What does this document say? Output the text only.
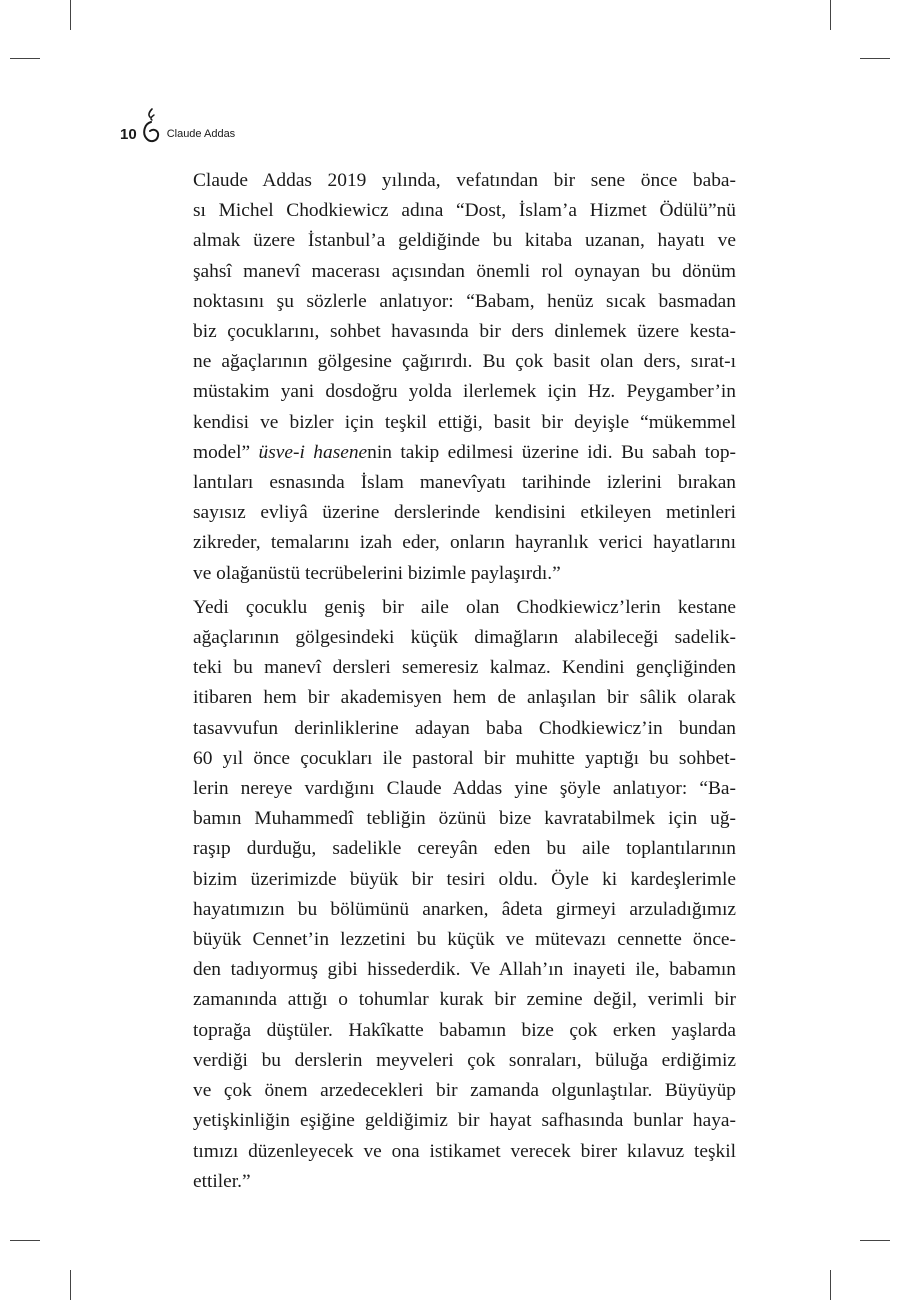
10	Claude Addas

Claude Addas 2019 yılında, vefatından bir sene önce baba-
sı Michel Chodkiewicz adına “Dost, İslam’a Hizmet Ödülü”nü
almak üzere İstanbul’a geldiğinde bu kitaba uzanan, hayatı ve
şahsî manevî macerası açısından önemli rol oynayan bu dönüm
noktasını şu sözlerle anlatıyor: “Babam, henüz sıcak basmadan
biz çocuklarını, sohbet havasında bir ders dinlemek üzere kesta-
ne ağaçlarının gölgesine çağırırdı. Bu çok basit olan ders, sırat-ı
müstakim yani dosdoğru yolda ilerlemek için Hz. Peygamber’in
kendisi ve bizler için teşkil ettiği, basit bir deyişle “mükemmel
model” üsve-i hasenenin takip edilmesi üzerine idi. Bu sabah top-
lantıları esnasında İslam manevîyatı tarihinde izlerini bırakan
sayısız evliyâ üzerine derslerinde kendisini etkileyen metinleri
zikreder, temalarını izah eder, onların hayranlık verici hayatlarını
ve olağanüstü tecrübelerini bizimle paylaşırdı.”

Yedi çocuklu geniş bir aile olan Chodkiewicz’lerin kestane
ağaçlarının gölgesindeki küçük dimağların alabileceği sadelik-
teki bu manevî dersleri semeresiz kalmaz. Kendini gençliğinden
itibaren hem bir akademisyen hem de anlaşılan bir sâlik olarak
tasavvufun derinliklerine adayan baba Chodkiewicz’in bundan
60 yıl önce çocukları ile pastoral bir muhitte yaptığı bu sohbet-
lerin nereye vardığını Claude Addas yine şöyle anlatıyor: “Ba-
bamın Muhammedî tebliğin özünü bize kavratabilmek için uğ-
raşıp durduğu, sadelikle cereyân eden bu aile toplantılarının
bizim üzerimizde büyük bir tesiri oldu. Öyle ki kardeşlerimle
hayatımızın bu bölümünü anarken, âdeta girmeyi arzuladığımız
büyük Cennet’in lezzetini bu küçük ve mütevazı cennette önce-
den tadıyormuş gibi hissederdik. Ve Allah’ın inayeti ile, babamın
zamanında attığı o tohumlar kurak bir zemine değil, verimli bir
toprağa düştüler. Hakîkatte babamın bize çok erken yaşlarda
verdiği bu derslerin meyveleri çok sonraları, büluğa erdiğimiz
ve çok önem arzedecekleri bir zamanda olgunlaştılar. Büyüyüp
yetişkinliğin eşiğine geldiğimiz bir hayat safhasında bunlar haya-
tımızı düzenleyecek ve ona istikamet verecek birer kılavuz teşkil
ettiler.”
